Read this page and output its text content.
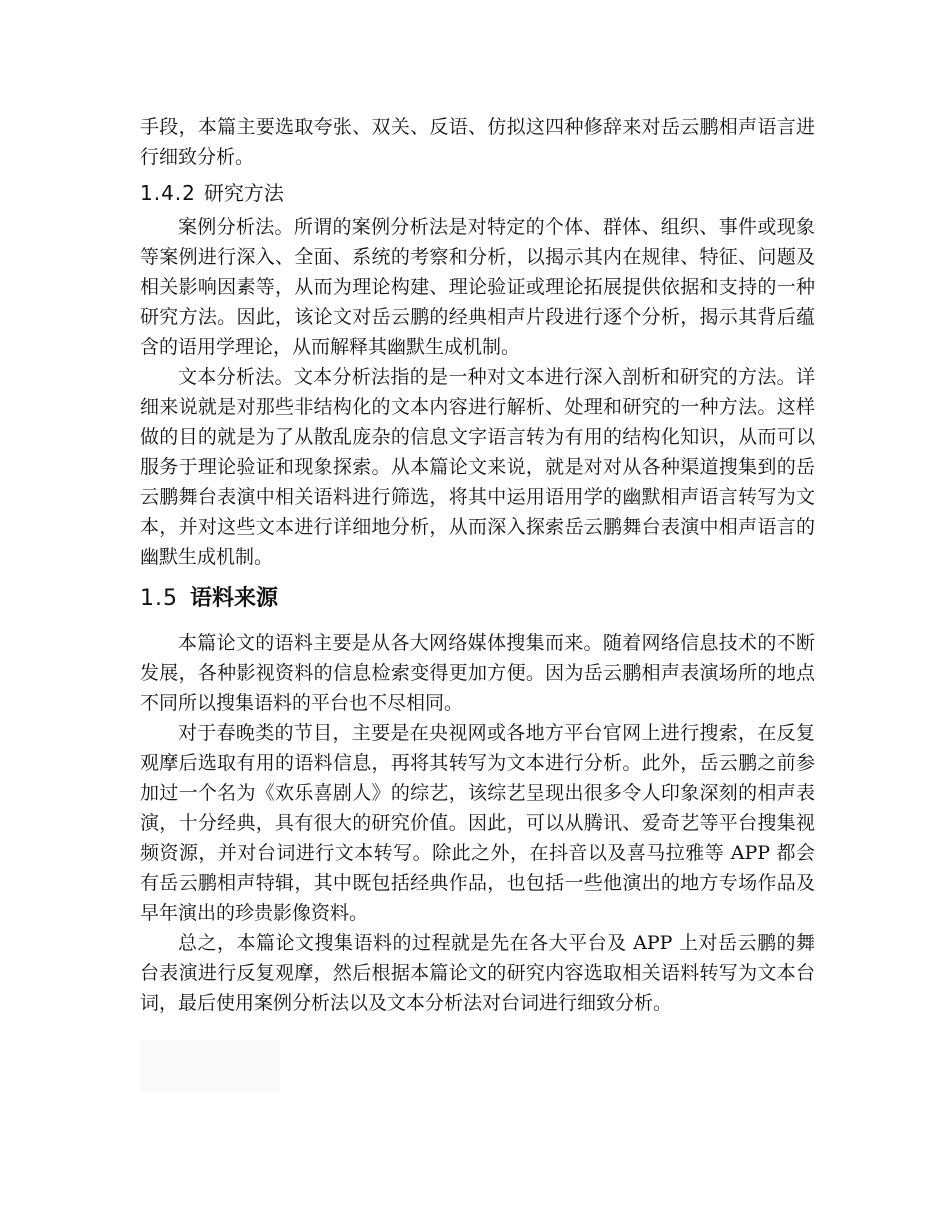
手段，本篇主要选取夸张、双关、反语、仿拟这四种修辞来对岳云鹏相声语言进行细致分析。

1.4.2 研究方法

案例分析法。所谓的案例分析法是对特定的个体、群体、组织、事件或现象等案例进行深入、全面、系统的考察和分析，以揭示其内在规律、特征、问题及相关影响因素等，从而为理论构建、理论验证或理论拓展提供依据和支持的一种研究方法。因此，该论文对岳云鹏的经典相声片段进行逐个分析，揭示其背后蕴含的语用学理论，从而解释其幽默生成机制。

文本分析法。文本分析法指的是一种对文本进行深入剖析和研究的方法。详细来说就是对那些非结构化的文本内容进行解析、处理和研究的一种方法。这样做的目的就是为了从散乱庞杂的信息文字语言转为有用的结构化知识，从而可以服务于理论验证和现象探索。从本篇论文来说，就是对对从各种渠道搜集到的岳云鹏舞台表演中相关语料进行筛选，将其中运用语用学的幽默相声语言转写为文本，并对这些文本进行详细地分析，从而深入探索岳云鹏舞台表演中相声语言的幽默生成机制。

1.5 语料来源

本篇论文的语料主要是从各大网络媒体搜集而来。随着网络信息技术的不断发展，各种影视资料的信息检索变得更加方便。因为岳云鹏相声表演场所的地点不同所以搜集语料的平台也不尽相同。

对于春晚类的节目，主要是在央视网或各地方平台官网上进行搜索，在反复观摩后选取有用的语料信息，再将其转写为文本进行分析。此外，岳云鹏之前参加过一个名为《欢乐喜剧人》的综艺，该综艺呈现出很多令人印象深刻的相声表演，十分经典，具有很大的研究价值。因此，可以从腾讯、爱奇艺等平台搜集视频资源，并对台词进行文本转写。除此之外，在抖音以及喜马拉雅等 APP 都会有岳云鹏相声特辑，其中既包括经典作品，也包括一些他演出的地方专场作品及早年演出的珍贵影像资料。

总之，本篇论文搜集语料的过程就是先在各大平台及 APP 上对岳云鹏的舞台表演进行反复观摩，然后根据本篇论文的研究内容选取相关语料转写为文本台词，最后使用案例分析法以及文本分析法对台词进行细致分析。
